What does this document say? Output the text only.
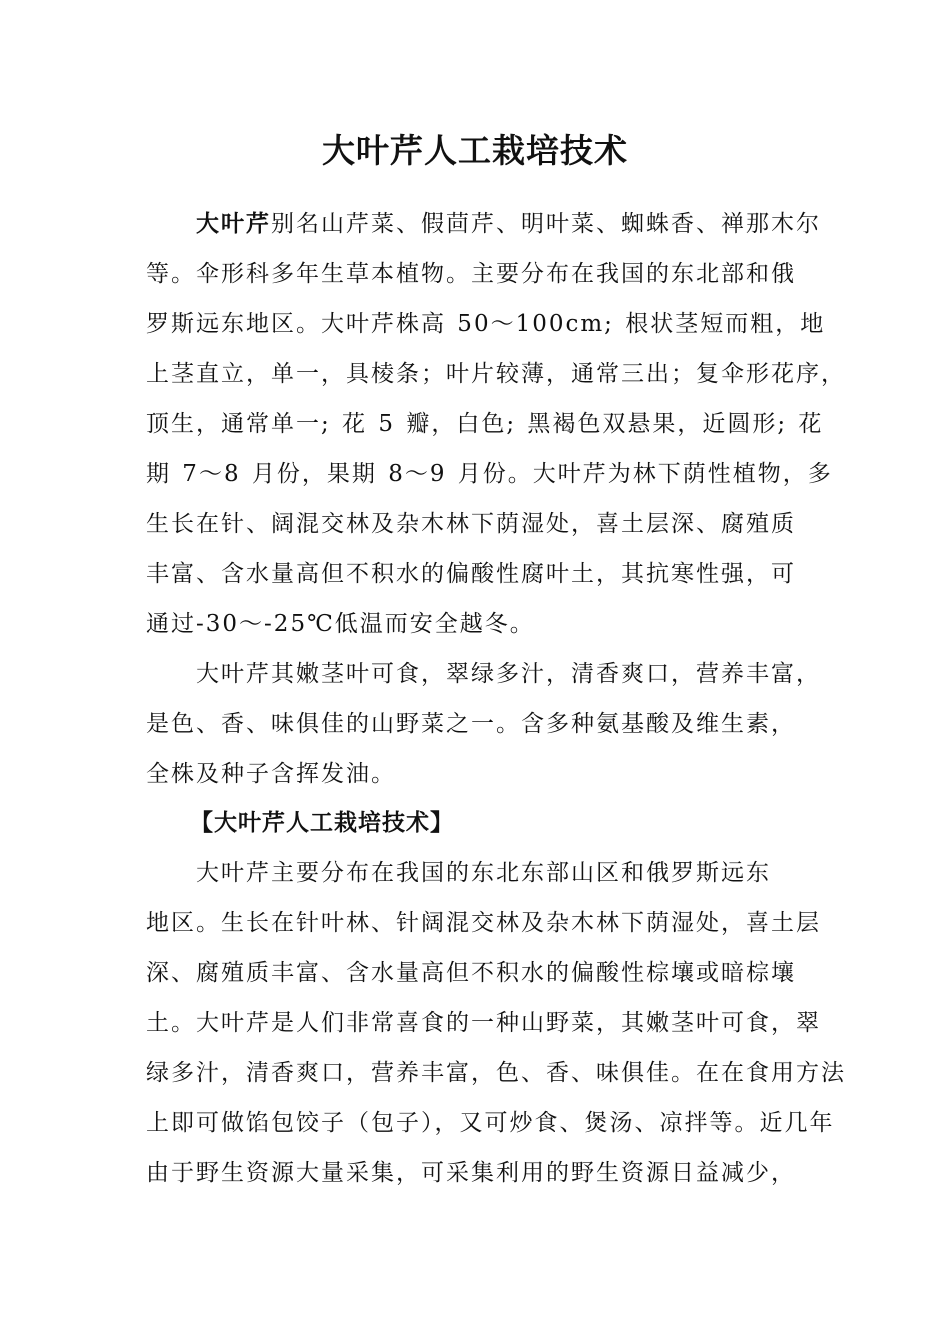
大叶芹人工栽培技术
大叶芹别名山芹菜、假茴芹、明叶菜、蜘蛛香、禅那木尔
等。伞形科多年生草本植物。主要分布在我国的东北部和俄
罗斯远东地区。大叶芹株高 50～100cm; 根状茎短而粗，地
上茎直立，单一，具棱条；叶片较薄，通常三出；复伞形花序，
顶生，通常单一; 花 5 瓣，白色; 黑褐色双悬果，近圆形; 花
期 7～8 月份，果期 8～9 月份。大叶芹为林下荫性植物，多
生长在针、阔混交林及杂木林下荫湿处，喜土层深、腐殖质
丰富、含水量高但不积水的偏酸性腐叶土，其抗寒性强，可
通过-30～-25℃低温而安全越冬。
大叶芹其嫩茎叶可食，翠绿多汁，清香爽口，营养丰富，
是色、香、味俱佳的山野菜之一。含多种氨基酸及维生素，
全株及种子含挥发油。
【大叶芹人工栽培技术】
大叶芹主要分布在我国的东北东部山区和俄罗斯远东
地区。生长在针叶林、针阔混交林及杂木林下荫湿处，喜土层
深、腐殖质丰富、含水量高但不积水的偏酸性棕壤或暗棕壤
土。大叶芹是人们非常喜食的一种山野菜，其嫩茎叶可食，翠
绿多汁，清香爽口，营养丰富，色、香、味俱佳。在在食用方法
上即可做馅包饺子（包子），又可炒食、煲汤、凉拌等。近几年
由于野生资源大量采集，可采集利用的野生资源日益减少，
